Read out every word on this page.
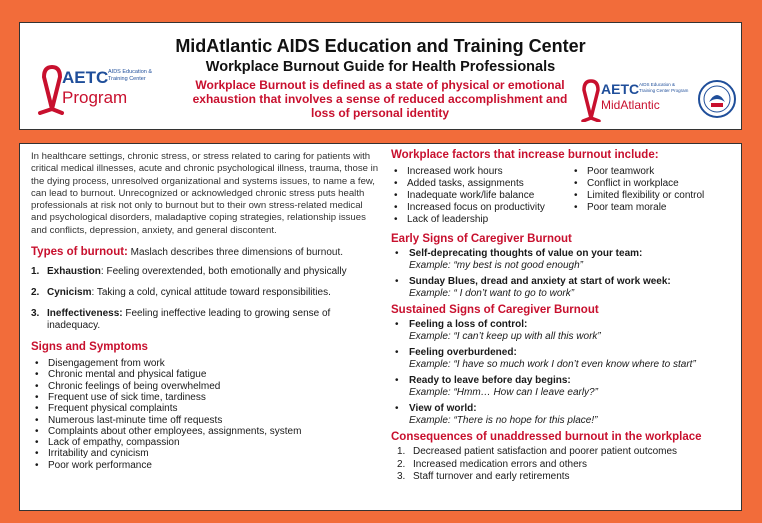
AETC AIDS Education &
Training Center
Program
MidAtlantic AIDS Education and Training Center
Workplace Burnout Guide for Health Professionals
Workplace Burnout is defined as a state of physical or emotional exhaustion that involves a sense of reduced accomplishment and loss of personal identity
AETC AIDS Education &
Training Center Program
MidAtlantic

In healthcare settings, chronic stress, or stress related to caring for patients with critical medical illnesses, acute and chronic psychological illness, trauma, those in the dying process, unresolved organizational and systems issues, to name a few, can lead to burnout. Unrecognized or acknowledged chronic stress puts health professionals at risk not only to burnout but to their own stress-related medical and psychological disorders, maladaptive coping strategies, relationship issues and conflicts, depression, anxiety, and general discontent.

Types of burnout: Maslach describes three dimensions of burnout.
1. Exhaustion: Feeling overextended, both emotionally and physically
2. Cynicism: Taking a cold, cynical attitude toward responsibilities.
3. Ineffectiveness: Feeling ineffective leading to growing sense of inadequacy.
Signs and Symptoms
• Disengagement from work
• Chronic mental and physical fatigue
• Chronic feelings of being overwhelmed
• Frequent use of sick time, tardiness
• Frequent physical complaints
• Numerous last-minute time off requests
• Complaints about other employees, assignments, system
• Lack of empathy, compassion
• Irritability and cynicism
• Poor work performance
Workplace factors that increase burnout include:
• Increased work hours
• Added tasks, assignments
• Inadequate work/life balance
• Increased focus on productivity
• Lack of leadership
• Poor teamwork
• Conflict in workplace
• Limited flexibility or control
• Poor team morale
Early Signs of Caregiver Burnout
• Self-deprecating thoughts of value on your team:
Example: “my best is not good enough”
• Sunday Blues, dread and anxiety at start of work week:
Example: “ I don’t want to go to work”
Sustained Signs of Caregiver Burnout
• Feeling a loss of control:
Example: “I can’t keep up with all this work”
• Feeling overburdened:
Example: “I have so much work I don’t even know where to start”
• Ready to leave before day begins:
Example: “Hmm… How can I leave early?”
• View of world:
Example: “There is no hope for this place!”
Consequences of unaddressed burnout in the workplace
1. Decreased patient satisfaction and poorer patient outcomes
2. Increased medication errors and others
3. Staff turnover and early retirements
